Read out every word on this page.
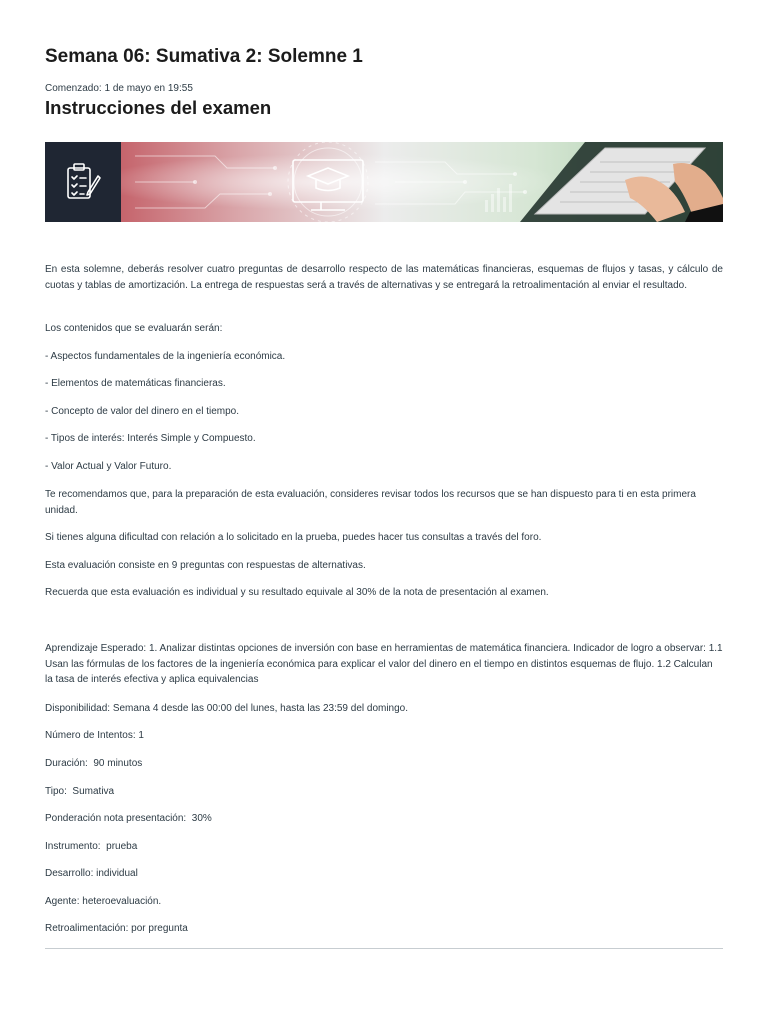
Semana 06: Sumativa 2: Solemne 1
Comenzado: 1 de mayo en 19:55
Instrucciones del examen

En esta solemne, deberás resolver cuatro preguntas de desarrollo respecto de las matemáticas financieras, esquemas de flujos y tasas, y cálculo de cuotas y tablas de amortización. La entrega de respuestas será a través de alternativas y se entregará la retroalimentación al enviar el resultado.

Los contenidos que se evaluarán serán:

- Aspectos fundamentales de la ingeniería económica.

- Elementos de matemáticas financieras.

- Concepto de valor del dinero en el tiempo.

- Tipos de interés: Interés Simple y Compuesto.

- Valor Actual y Valor Futuro.

Te recomendamos que, para la preparación de esta evaluación, consideres revisar todos los recursos que se han dispuesto para ti en esta primera unidad.

Si tienes alguna dificultad con relación a lo solicitado en la prueba, puedes hacer tus consultas a través del foro.

Esta evaluación consiste en 9 preguntas con respuestas de alternativas.

Recuerda que esta evaluación es individual y su resultado equivale al 30% de la nota de presentación al examen.

Aprendizaje Esperado: 1. Analizar distintas opciones de inversión con base en herramientas de matemática financiera. Indicador de logro a observar: 1.1 Usan las fórmulas de los factores de la ingeniería económica para explicar el valor del dinero en el tiempo en distintos esquemas de flujo. 1.2 Calculan la tasa de interés efectiva y aplica equivalencias

Disponibilidad: Semana 4 desde las 00:00 del lunes, hasta las 23:59 del domingo.

Número de Intentos: 1

Duración:  90 minutos

Tipo:  Sumativa

Ponderación nota presentación:  30%

Instrumento:  prueba

Desarrollo: individual

Agente: heteroevaluación.

Retroalimentación: por pregunta
